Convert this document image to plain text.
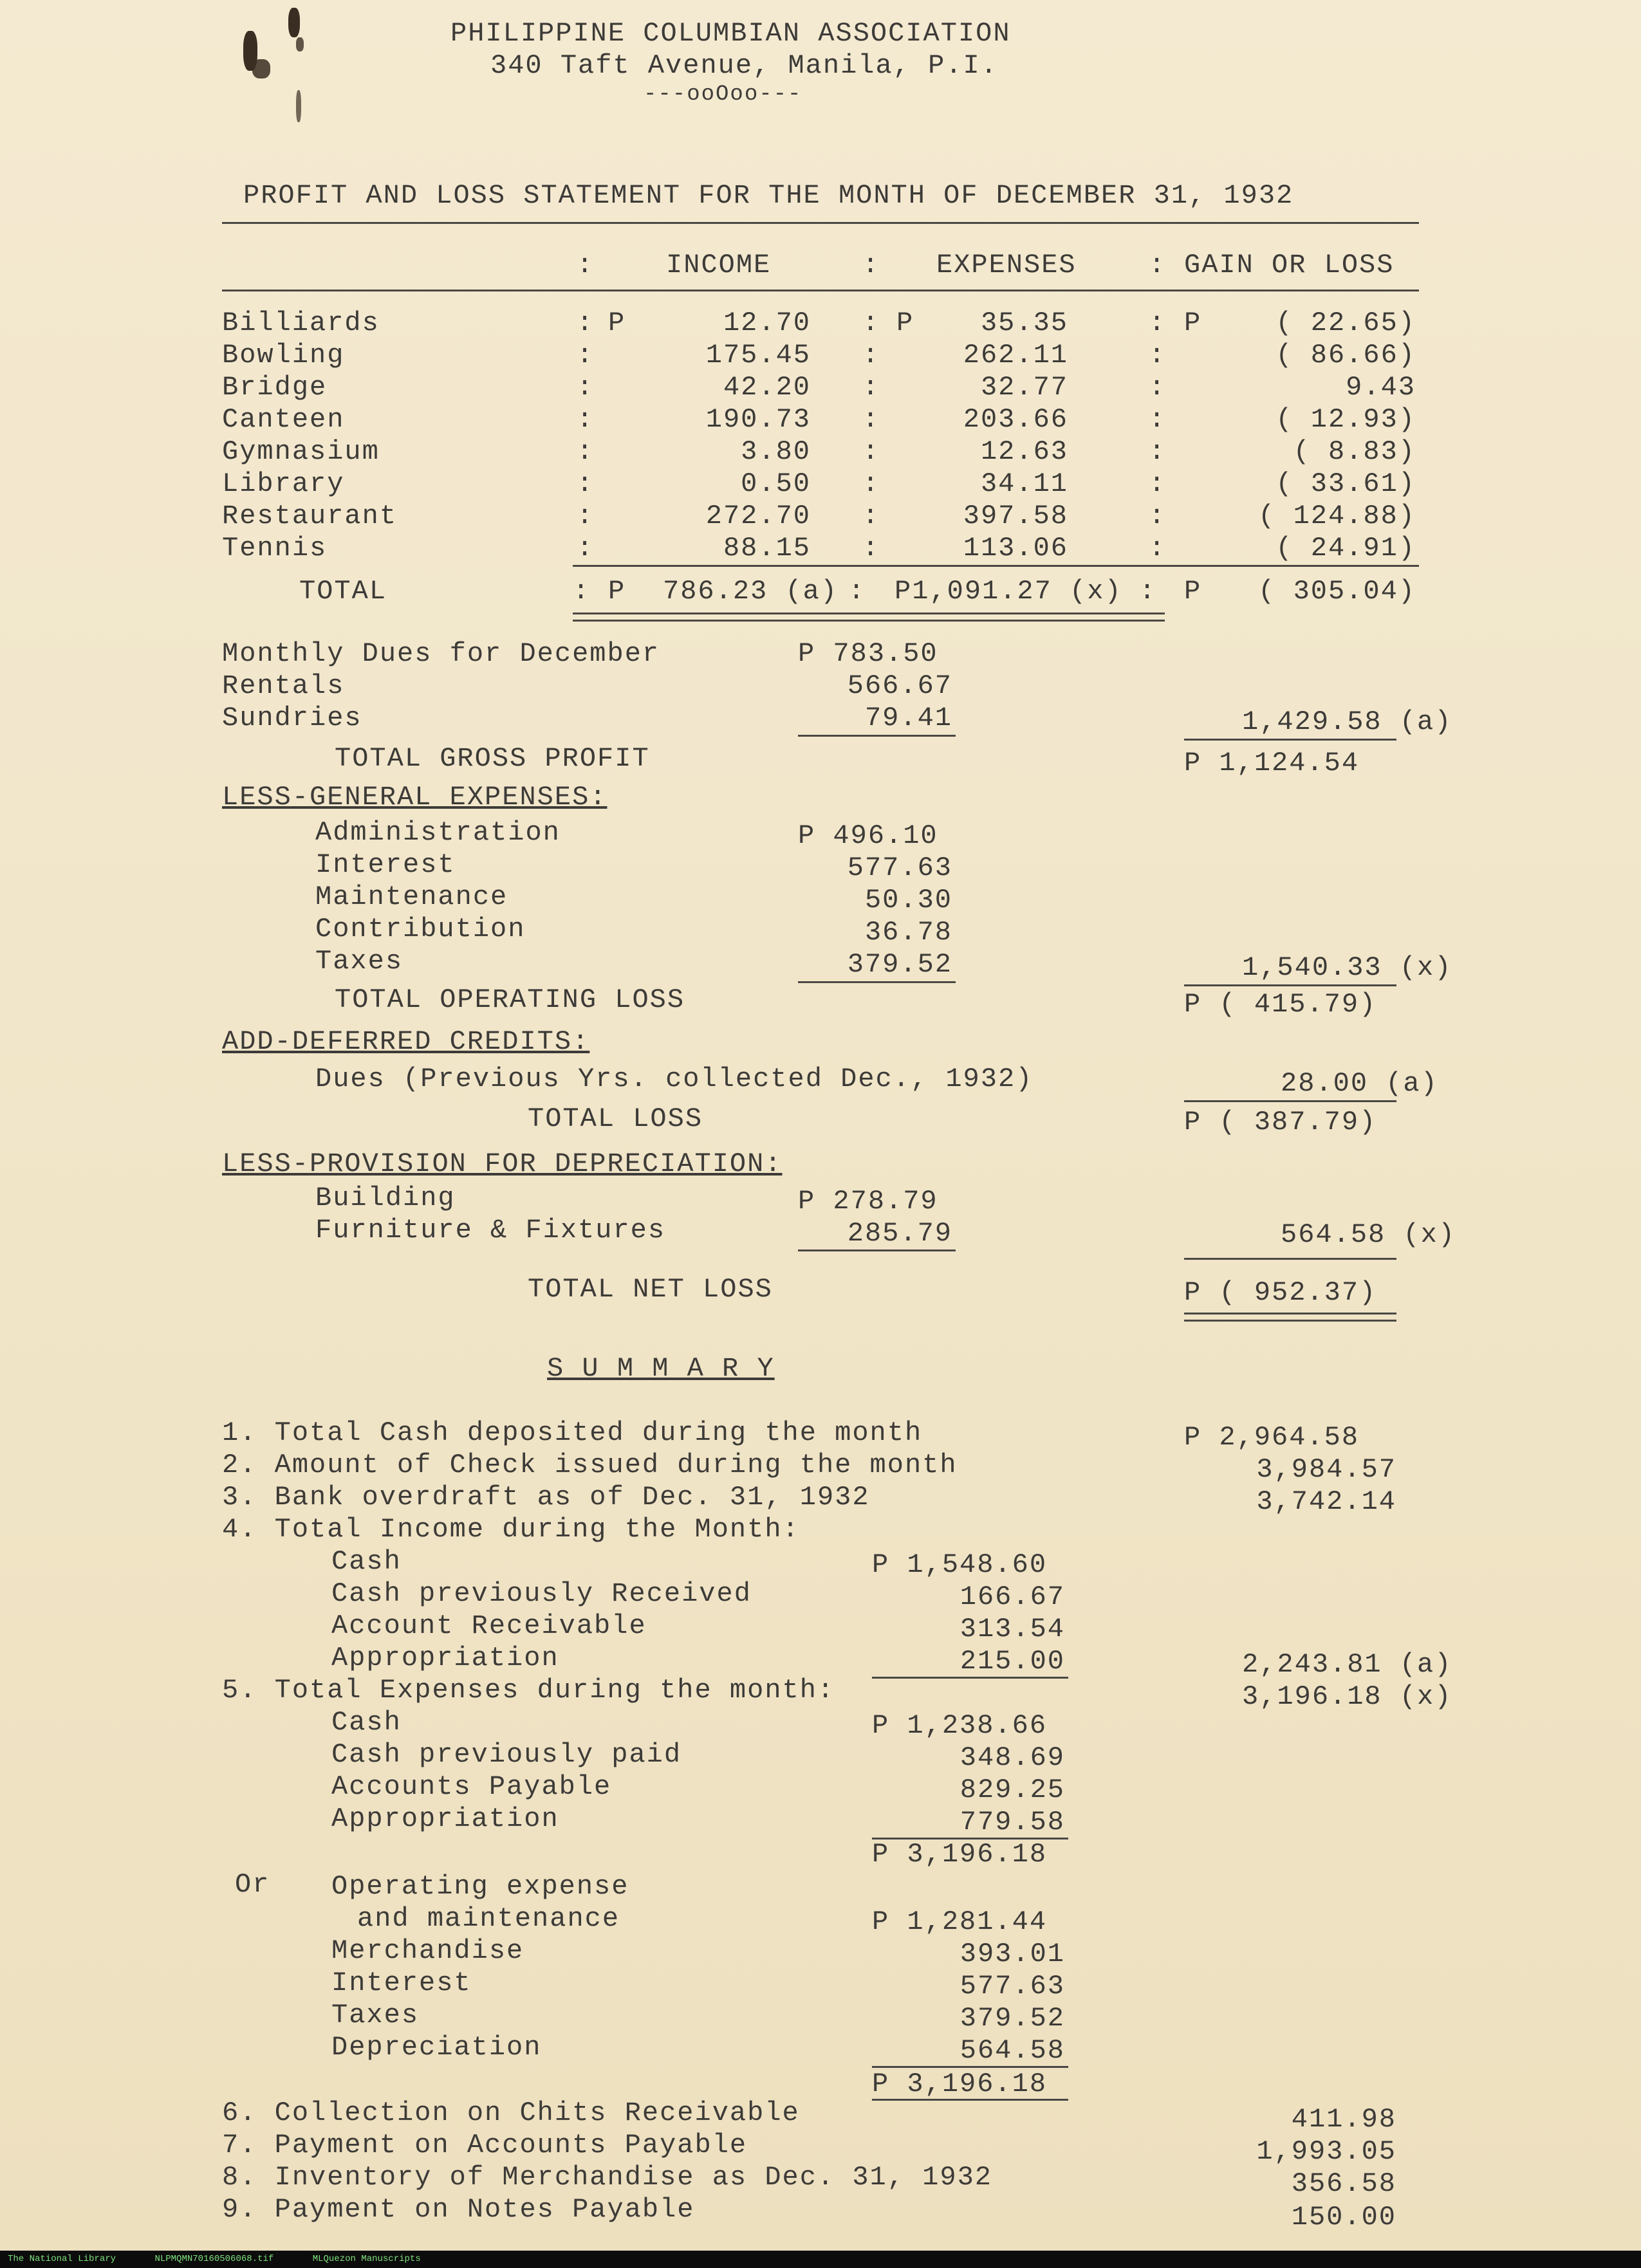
PHILIPPINE COLUMBIAN ASSOCIATION
340 Taft Avenue, Manila, P.I.
---ooOoo---
PROFIT AND LOSS STATEMENT FOR THE MONTH OF DECEMBER 31, 1932
:	INCOME	: EXPENSES	: GAIN OR LOSS
Billiards	: P	12.70 : P 35.35	: P	( 22.65)
Bowling	:	175.45 :	262.11	:	( 86.66)
Bridge	:	42.20 :	32.77	:	9.43
Canteen	:	190.73 :	203.66	:	( 12.93)
Gymnasium	:	3.80 :	12.63	:	( 8.83)
Library	:	0.50 :	34.11	:	( 33.61)
Restaurant	:	272.70 :	397.58	:	( 124.88)
Tennis	:	88.15 :	113.06	:	( 24.91)
TOTAL	: P 786.23 (a) : P1,091.27 (x) : P ( 305.04)
Monthly Dues for December	P 783.50
Rentals	566.67
Sundries	79.41	1,429.58 (a)
TOTAL GROSS PROFIT	P 1,124.54
LESS-GENERAL EXPENSES:
Administration	P 496.10
Interest	577.63
Maintenance	50.30
Contribution	36.78
Taxes	379.52	1,540.33 (x)
TOTAL OPERATING LOSS	P ( 415.79)
ADD-DEFERRED CREDITS:
Dues (Previous Yrs. collected Dec., 1932)	28.00 (a)
TOTAL LOSS	P ( 387.79)
LESS-PROVISION FOR DEPRECIATION:
Building	P 278.79
Furniture & Fixtures	285.79	564.58 (x)
TOTAL NET LOSS	P ( 952.37)
S U M M A R Y
1. Total Cash deposited during the month	P 2,964.58
2. Amount of Check issued during the month	3,984.57
3. Bank overdraft as of Dec. 31, 1932	3,742.14
4. Total Income during the Month:
Cash	P 1,548.60
Cash previously Received	166.67
Account Receivable	313.54
Appropriation	215.00	2,243.81 (a)
5. Total Expenses during the month:	3,196.18 (x)
Cash	P 1,238.66
Cash previously paid	348.69
Accounts Payable	829.25
Appropriation	779.58
P 3,196.18
Or Operating expense
and maintenance	P 1,281.44
Merchandise	393.01
Interest	577.63
Taxes	379.52
Depreciation	564.58
P 3,196.18
6. Collection on Chits Receivable	411.98
7. Payment on Accounts Payable	1,993.05
8. Inventory of Merchandise as Dec. 31, 1932	356.58
9. Payment on Notes Payable	150.00
The National Library	NLPMQMN70160506068.tif	MLQuezon Manuscripts
